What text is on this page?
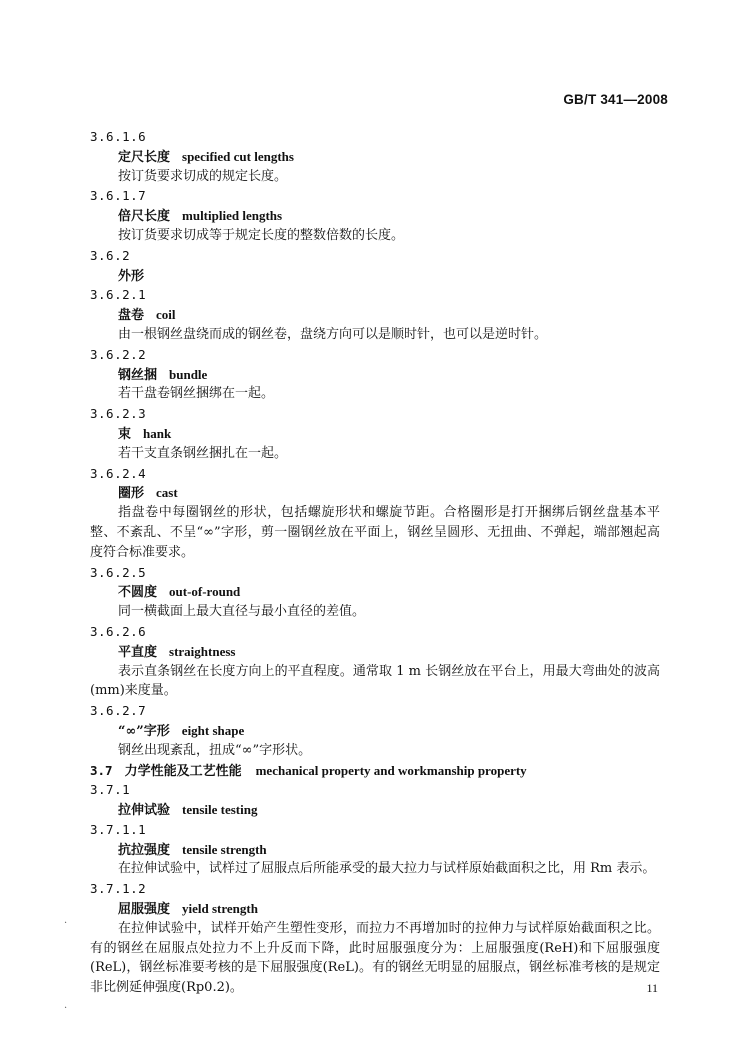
GB/T 341—2008
3.6.1.6
定尺长度 specified cut lengths
按订货要求切成的规定长度。
3.6.1.7
倍尺长度 multiplied lengths
按订货要求切成等于规定长度的整数倍数的长度。
3.6.2
外形
3.6.2.1
盘卷 coil
由一根钢丝盘绕而成的钢丝卷，盘绕方向可以是顺时针，也可以是逆时针。
3.6.2.2
钢丝捆 bundle
若干盘卷钢丝捆绑在一起。
3.6.2.3
束 hank
若干支直条钢丝捆扎在一起。
3.6.2.4
圈形 cast
指盘卷中每圈钢丝的形状，包括螺旋形状和螺旋节距。合格圈形是打开捆绑后钢丝盘基本平整、不紊乱、不呈“∞”字形，剪一圈钢丝放在平面上，钢丝呈圆形、无扭曲、不弹起，端部翘起高度符合标准要求。
3.6.2.5
不圆度 out-of-round
同一横截面上最大直径与最小直径的差值。
3.6.2.6
平直度 straightness
表示直条钢丝在长度方向上的平直程度。通常取 1 m 长钢丝放在平台上，用最大弯曲处的波高(mm)来度量。
3.6.2.7
“∞”字形 eight shape
钢丝出现紊乱，扭成“∞”字形状。
3.7 力学性能及工艺性能 mechanical property and workmanship property
3.7.1
拉伸试验 tensile testing
3.7.1.1
抗拉强度 tensile strength
在拉伸试验中，试样过了屈服点后所能承受的最大拉力与试样原始截面积之比，用 Rm 表示。
3.7.1.2
屈服强度 yield strength
在拉伸试验中，试样开始产生塑性变形，而拉力不再增加时的拉伸力与试样原始截面积之比。有的钢丝在屈服点处拉力不上升反而下降，此时屈服强度分为：上屈服强度(ReH)和下屈服强度(ReL)，钢丝标准要考核的是下屈服强度(ReL)。有的钢丝无明显的屈服点，钢丝标准考核的是规定非比例延伸强度(Rp0.2)。	11
·
·
